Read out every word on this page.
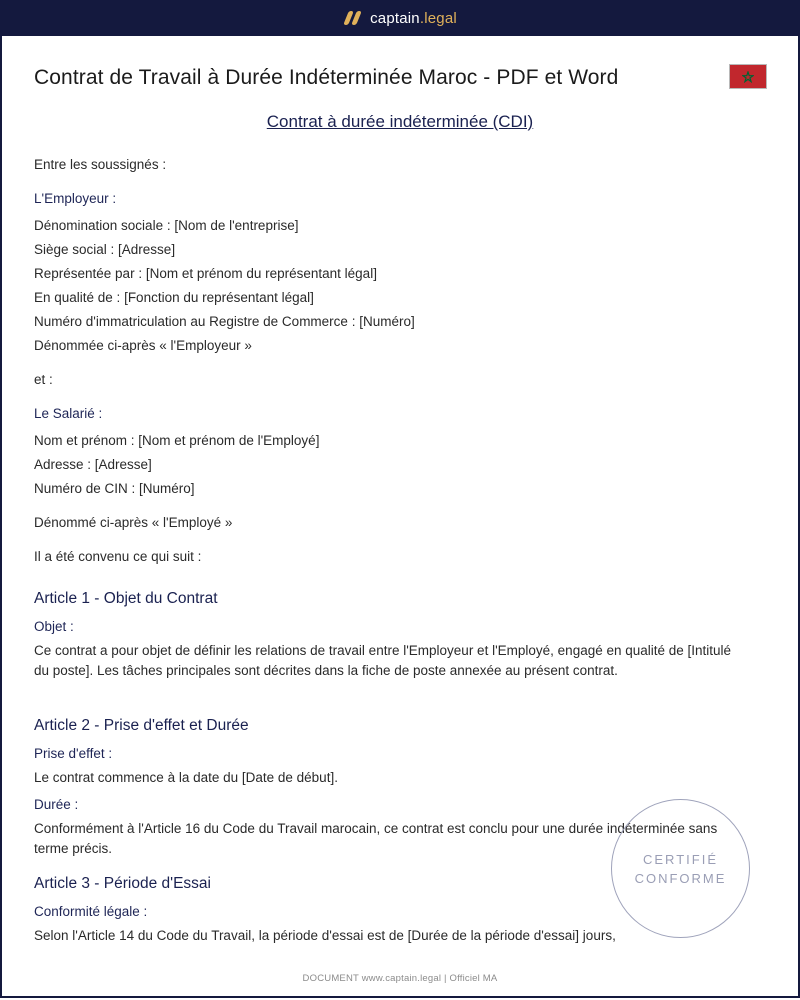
captain.legal
Contrat de Travail à Durée Indéterminée Maroc - PDF et Word
Contrat à durée indéterminée (CDI)

Entre les soussignés :

L'Employeur :

Dénomination sociale : [Nom de l'entreprise]

Siège social : [Adresse]

Représentée par : [Nom et prénom du représentant légal]

En qualité de : [Fonction du représentant légal]

Numéro d'immatriculation au Registre de Commerce : [Numéro]

Dénommée ci-après « l'Employeur »

et :

Le Salarié :

Nom et prénom : [Nom et prénom de l'Employé]

Adresse : [Adresse]

Numéro de CIN : [Numéro]

Dénommé ci-après « l'Employé »

Il a été convenu ce qui suit :

Article 1 - Objet du Contrat

Objet :

Ce contrat a pour objet de définir les relations de travail entre l'Employeur et l'Employé, engagé en qualité de [Intitulé du poste]. Les tâches principales sont décrites dans la fiche de poste annexée au présent contrat.

Article 2 - Prise d'effet et Durée

Prise d'effet :

Le contrat commence à la date du [Date de début].

Durée :

Conformément à l'Article 16 du Code du Travail marocain, ce contrat est conclu pour une durée indéterminée sans terme précis.

Article 3 - Période d'Essai

Conformité légale :

Selon l'Article 14 du Code du Travail, la période d'essai est de [Durée de la période d'essai] jours,

CERTIFIÉ
CONFORME
DOCUMENT www.captain.legal | Officiel MA
